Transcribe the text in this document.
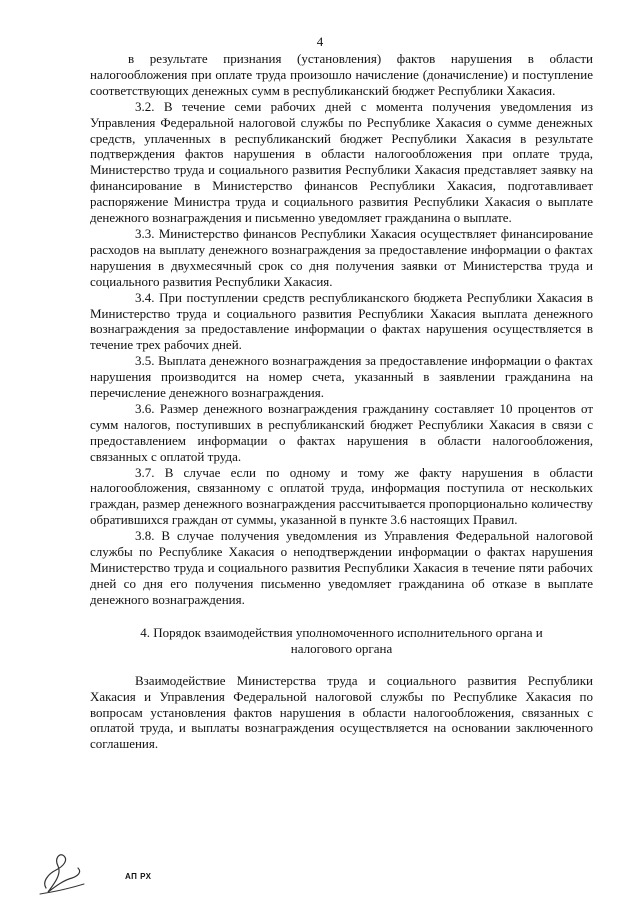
4

в результате признания (установления) фактов нарушения в области налогообложения при оплате труда произошло начисление (доначисление) и поступление соответствующих денежных сумм в республиканский бюджет Республики Хакасия.

3.2. В течение семи рабочих дней с момента получения уведомления из Управления Федеральной налоговой службы по Республике Хакасия о сумме денежных средств, уплаченных в республиканский бюджет Республики Хакасия в результате подтверждения фактов нарушения в области налогообложения при оплате труда, Министерство труда и социального развития Республики Хакасия представляет заявку на финансирование в Министерство финансов Республики Хакасия, подготавливает распоряжение Министра труда и социального развития Республики Хакасия о выплате денежного вознаграждения и письменно уведомляет гражданина о выплате.

3.3. Министерство финансов Республики Хакасия осуществляет финансирование расходов на выплату денежного вознаграждения за предоставление информации о фактах нарушения в двухмесячный срок со дня получения заявки от Министерства труда и социального развития Республики Хакасия.

3.4. При поступлении средств республиканского бюджета Республики Хакасия в Министерство труда и социального развития Республики Хакасия выплата денежного вознаграждения за предоставление информации о фактах нарушения осуществляется в течение трех рабочих дней.

3.5. Выплата денежного вознаграждения за предоставление информации о фактах нарушения производится на номер счета, указанный в заявлении гражданина на перечисление денежного вознаграждения.

3.6. Размер денежного вознаграждения гражданину составляет 10 процентов от сумм налогов, поступивших в республиканский бюджет Республики Хакасия в связи с предоставлением информации о фактах нарушения в области налогообложения, связанных с оплатой труда.

3.7. В случае если по одному и тому же факту нарушения в области налогообложения, связанному с оплатой труда, информация поступила от нескольких граждан, размер денежного вознаграждения рассчитывается пропорционально количеству обратившихся граждан от суммы, указанной в пункте 3.6 настоящих Правил.

3.8. В случае получения уведомления из Управления Федеральной налоговой службы по Республике Хакасия о неподтверждении информации о фактах нарушения Министерство труда и социального развития Республики Хакасия в течение пяти рабочих дней со дня его получения письменно уведомляет гражданина об отказе в выплате денежного вознаграждения.

4. Порядок взаимодействия уполномоченного исполнительного органа и налогового органа

Взаимодействие Министерства труда и социального развития Республики Хакасия и Управления Федеральной налоговой службы по Республике Хакасия по вопросам установления фактов нарушения в области налогообложения, связанных с оплатой труда, и выплаты вознаграждения осуществляется на основании заключенного соглашения.

АП РХ
